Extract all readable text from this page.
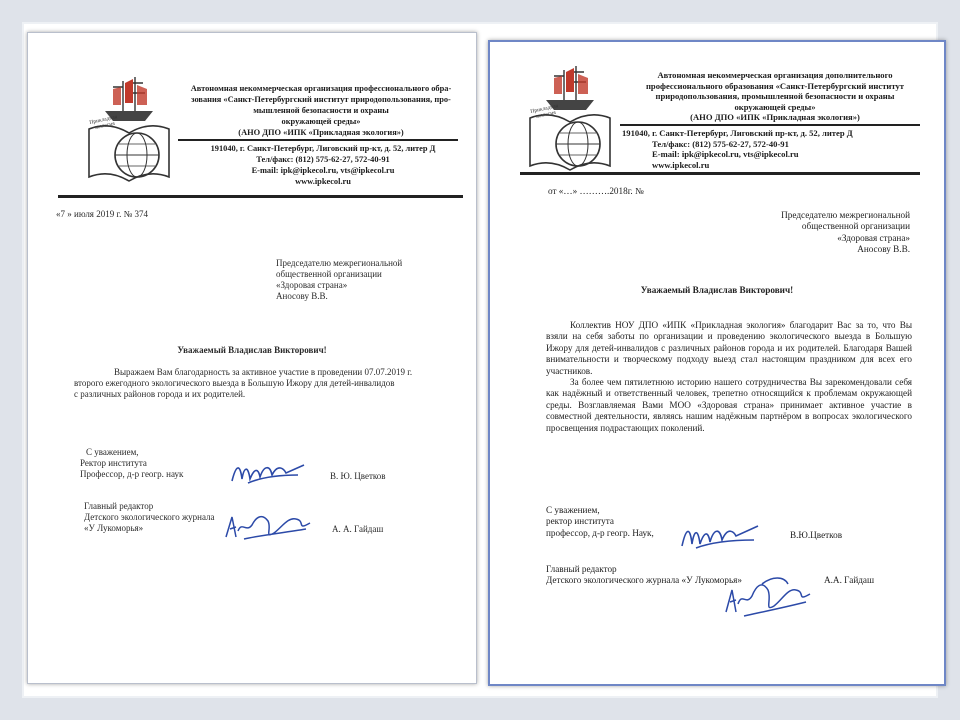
Прикладная экология
Автономная некоммерческая организация профессионального обра-
зования «Санкт-Петербургский институт природопользования, про-
мышленной безопасности и охраны
окружающей среды»
(АНО ДПО «ИПК «Прикладная экология»)
191040, г. Санкт-Петербург, Лиговский пр-кт, д. 52, литер Д
Тел/факс: (812) 575-62-27, 572-40-91
E-mail: ipk@ipkecol.ru, vts@ipkecol.ru
www.ipkecol.ru
«7 » июля 2019 г. № 374
Председателю межрегиональной
общественной организации
«Здоровая страна»
Аносову В.В.
Уважаемый Владислав Викторович!
Выражаем Вам благодарность за активное участие в проведении 07.07.2019 г.
второго ежегодного экологического выезда в Большую Ижору для детей-инвалидов
с различных районов города и их родителей.
С уважением,
Ректор института
Профессор, д-р геогр. наук	В. Ю. Цветков
Главный редактор
Детского экологического журнала
«У Лукоморья»	А. А. Гайдаш
Прикладная экология
Автономная некоммерческая организация дополнительного
профессионального образования «Санкт-Петербургский институт
природопользования, промышленной безопасности и охраны
окружающей среды»
(АНО ДПО «ИПК «Прикладная экология»)
191040, г. Санкт-Петербург, Лиговский пр-кт, д. 52, литер Д
Тел/факс: (812) 575-62-27, 572-40-91
E-mail: ipk@ipkecol.ru, vts@ipkecol.ru
www.ipkecol.ru
от «…» ……….2018г. №
Председателю межрегиональной
общественной организации
«Здоровая страна»
Аносову В.В.
Уважаемый Владислав Викторович!
Коллектив НОУ ДПО «ИПК «Прикладная экология» благодарит Вас за то, что Вы взяли на себя заботы по организации и проведению экологического выезда в Большую Ижору для детей-инвалидов с различных районов города и их родителей. Благодаря Вашей внимательности и творческому подходу выезд стал настоящим праздником для всех его участников.
За более чем пятилетнюю историю нашего сотрудничества Вы зарекомендовали себя как надёжный и ответственный человек, трепетно относящийся к проблемам окружающей среды. Возглавляемая Вами МОО «Здоровая страна» принимает активное участие в совместной деятельности, являясь нашим надёжным партнёром в вопросах экологического просвещения подрастающих поколений.
С уважением,
ректор института
профессор, д-р геогр. Наук,	В.Ю.Цветков
Главный редактор
Детского экологического журнала «У Лукоморья»	А.А. Гайдаш
